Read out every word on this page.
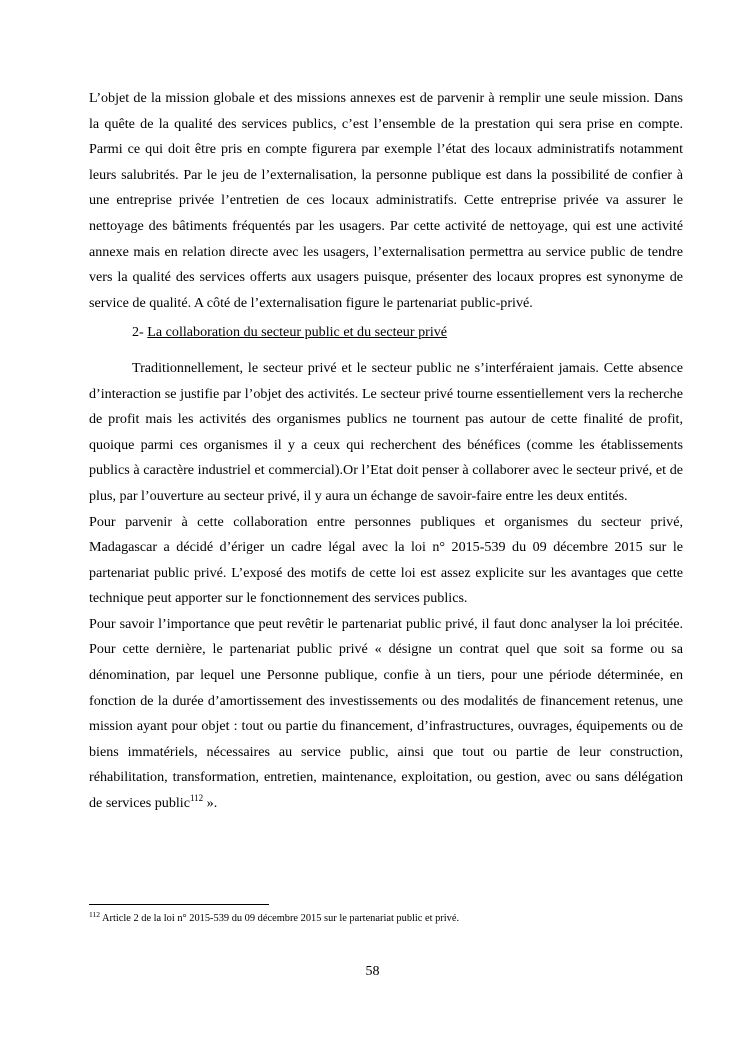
L’objet de la mission globale et des missions annexes est de parvenir à remplir une seule mission. Dans la quête de la qualité des services publics, c’est l’ensemble de la prestation qui sera prise en compte. Parmi ce qui doit être pris en compte figurera par exemple l’état des locaux administratifs notamment leurs salubrités. Par le jeu de l’externalisation, la personne publique est dans la possibilité de confier à une entreprise privée l’entretien de ces locaux administratifs. Cette entreprise privée va assurer le nettoyage des bâtiments fréquentés par les usagers. Par cette activité de nettoyage, qui est une activité annexe mais en relation directe avec les usagers, l’externalisation permettra au service public de tendre vers la qualité des services offerts aux usagers puisque, présenter des locaux propres est synonyme de service de qualité. A côté de l’externalisation figure le partenariat public-privé.

2- La collaboration du secteur public et du secteur privé

Traditionnellement, le secteur privé et le secteur public ne s’interféraient jamais. Cette absence d’interaction se justifie par l’objet des activités. Le secteur privé tourne essentiellement vers la recherche de profit mais les activités des organismes publics ne tournent pas autour de cette finalité de profit, quoique parmi ces organismes il y a ceux qui recherchent des bénéfices (comme les établissements publics à caractère industriel et commercial).Or l’Etat doit penser à collaborer avec le secteur privé, et de plus, par l’ouverture au secteur privé, il y aura un échange de savoir-faire entre les deux entités.

Pour parvenir à cette collaboration entre personnes publiques et organismes du secteur privé, Madagascar a décidé d’ériger un cadre légal avec la loi n° 2015-539 du 09 décembre 2015 sur le partenariat public privé. L’exposé des motifs de cette loi est assez explicite sur les avantages que cette technique peut apporter sur le fonctionnement des services publics.

Pour savoir l’importance que peut revêtir le partenariat public privé, il faut donc analyser la loi précitée. Pour cette dernière, le partenariat public privé « désigne un contrat quel que soit sa forme ou sa dénomination, par lequel une Personne publique, confie à un tiers, pour une période déterminée, en fonction de la durée d’amortissement des investissements ou des modalités de financement retenus, une mission ayant pour objet : tout ou partie du financement, d’infrastructures, ouvrages, équipements ou de biens immatériels, nécessaires au service public, ainsi que tout ou partie de leur construction, réhabilitation, transformation, entretien, maintenance, exploitation, ou gestion, avec ou sans délégation de services public$^{112}$ ».

$^{112}$ Article 2 de la loi n° 2015-539 du 09 décembre 2015 sur le partenariat public et privé.
58
